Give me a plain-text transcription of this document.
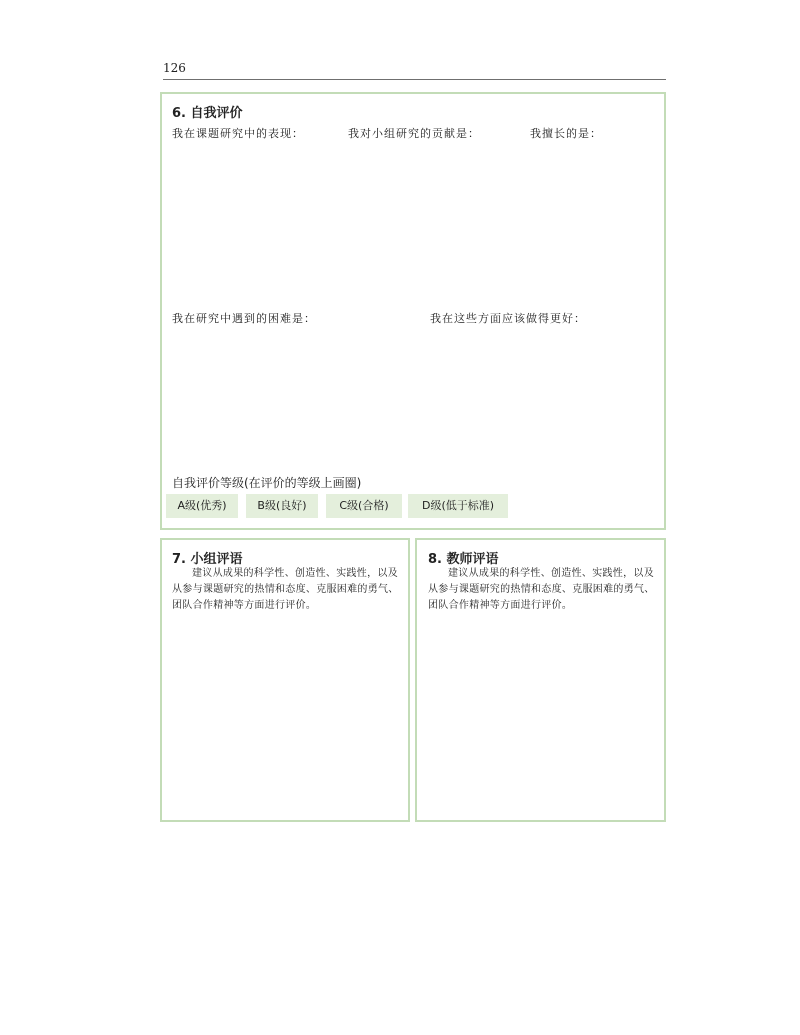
126
6. 自我评价
我在课题研究中的表现：	我对小组研究的贡献是：	我擅长的是：
我在研究中遇到的困难是：	我在这些方面应该做得更好：
自我评价等级(在评价的等级上画圈)
A级(优秀)	B级(良好)	C级(合格)	D级(低于标准)
7. 小组评语
建议从成果的科学性、创造性、实践性，以及从参与课题研究的热情和态度、克服困难的勇气、团队合作精神等方面进行评价。
8. 教师评语
建议从成果的科学性、创造性、实践性，以及从参与课题研究的热情和态度、克服困难的勇气、团队合作精神等方面进行评价。
